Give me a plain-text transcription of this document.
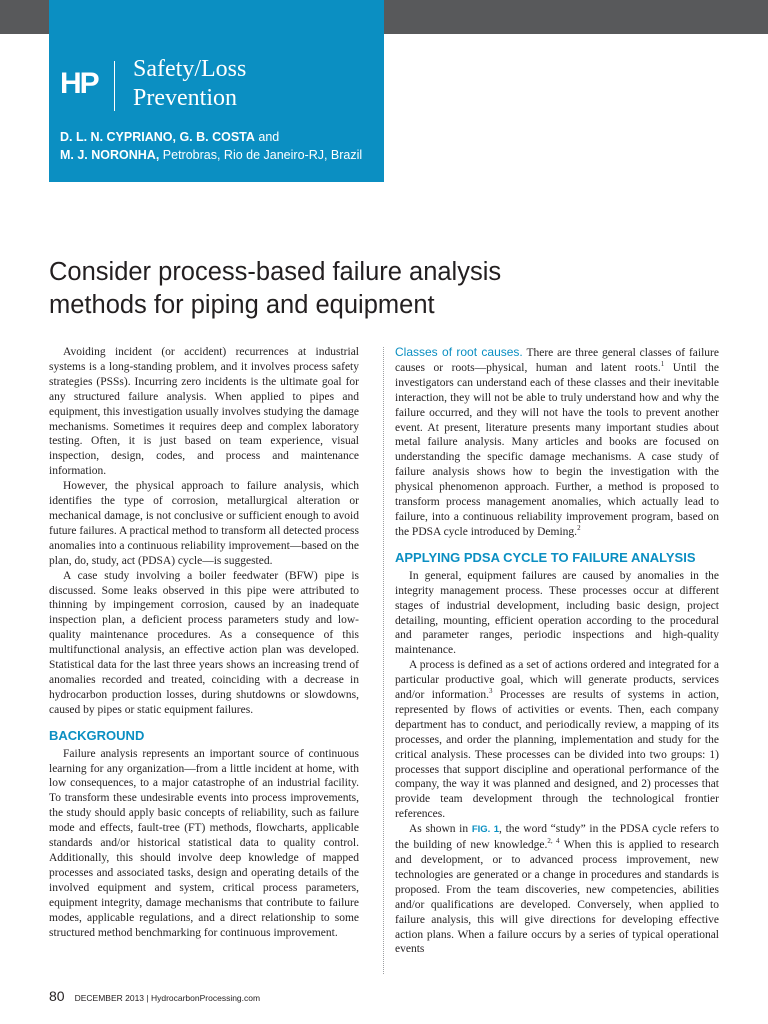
HP Safety/Loss
Prevention
D. L. N. CYPRIANO, G. B. COSTA and
M. J. NORONHA, Petrobras, Rio de Janeiro-RJ, Brazil
Consider process-based failure analysis
methods for piping and equipment

Avoiding incident (or accident) recurrences at industrial systems is a long-standing problem, and it involves process safety strategies (PSSs). Incurring zero incidents is the ultimate goal for any structured failure analysis. When applied to pipes and equipment, this investigation usually involves studying the damage mechanisms. Sometimes it requires deep and complex laboratory testing. Often, it is just based on team experience, visual inspection, design, codes, and process and maintenance information.

However, the physical approach to failure analysis, which identifies the type of corrosion, metallurgical alteration or mechanical damage, is not conclusive or sufficient enough to avoid future failures. A practical method to transform all detected process anomalies into a continuous reliability improvement—based on the plan, do, study, act (PDSA) cycle—is suggested.

A case study involving a boiler feedwater (BFW) pipe is discussed. Some leaks observed in this pipe were attributed to thinning by impingement corrosion, caused by an inadequate inspection plan, a deficient process parameters study and low-quality maintenance procedures. As a consequence of this multifunctional analysis, an effective action plan was developed. Statistical data for the last three years shows an increasing trend of anomalies recorded and treated, coinciding with a decrease in hydrocarbon production losses, during shutdowns or slowdowns, caused by pipes or static equipment failures.

BACKGROUND

Failure analysis represents an important source of continuous learning for any organization—from a little incident at home, with low consequences, to a major catastrophe of an industrial facility. To transform these undesirable events into process improvements, the study should apply basic concepts of reliability, such as failure mode and effects, fault-tree (FT) methods, flowcharts, applicable standards and/or historical statistical data to quality control. Additionally, this should involve deep knowledge of mapped processes and associated tasks, design and operating details of the involved equipment and system, critical process parameters, equipment integrity, damage mechanisms that contribute to failure modes, applicable regulations, and a direct relationship to some structured method benchmarking for continuous improvement.

Classes of root causes. There are three general classes of failure causes or roots—physical, human and latent roots.$^1$ Until the investigators can understand each of these classes and their inevitable interaction, they will not be able to truly understand how and why the failure occurred, and they will not have the tools to prevent another event. At present, literature presents many important studies about metal failure analysis. Many articles and books are focused on understanding the specific damage mechanisms. A case study of failure analysis shows how to begin the investigation with the physical phenomenon approach. Further, a method is proposed to transform process management anomalies, which actually lead to failure, into a continuous reliability improvement program, based on the PDSA cycle introduced by Deming.$^2$

APPLYING PDSA CYCLE TO FAILURE ANALYSIS

In general, equipment failures are caused by anomalies in the integrity management process. These processes occur at different stages of industrial development, including basic design, project detailing, mounting, efficient operation according to the procedural and parameter ranges, periodic inspections and high-quality maintenance.

A process is defined as a set of actions ordered and integrated for a particular productive goal, which will generate products, services and/or information.$^3$ Processes are results of systems in action, represented by flows of activities or events. Then, each company department has to conduct, and periodically review, a mapping of its processes, and order the planning, implementation and study for the critical analysis. These processes can be divided into two groups: 1) processes that support discipline and operational performance of the company, the way it was planned and designed, and 2) processes that provide team development through the technological frontier references.

As shown in FIG. 1, the word “study” in the PDSA cycle refers to the building of new knowledge.$^{2, 4}$ When this is applied to research and development, or to advanced process improvement, new technologies are generated or a change in procedures and standards is proposed. From the team discoveries, new competencies, abilities and/or qualifications are developed. Conversely, when applied to failure analysis, this will give directions for developing effective action plans. When a failure occurs by a series of typical operational events

80 DECEMBER 2013 | HydrocarbonProcessing.com
